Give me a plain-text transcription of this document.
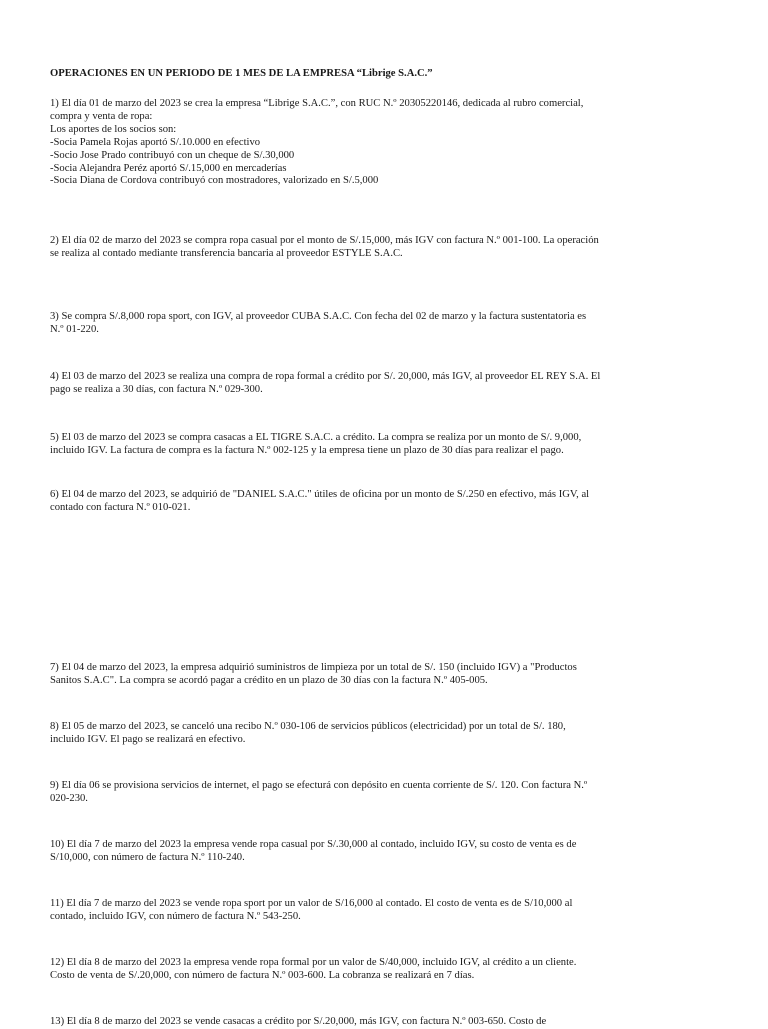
OPERACIONES EN UN PERIODO DE 1 MES DE LA EMPRESA “Librige S.A.C.”

1) El día 01 de marzo del 2023 se crea la empresa “Librige S.A.C.”, con RUC N.º 20305220146, dedicada al rubro comercial, compra y venta de ropa:

Los aportes de los socios son:

-Socia Pamela Rojas aportó S/.10.000 en efectivo

-Socio Jose Prado contribuyó con un cheque de S/.30,000

-Socia Alejandra Peréz aportó S/.15,000 en mercaderías

-Socia Diana de Cordova contribuyó con mostradores, valorizado en S/.5,000

2) El día 02 de marzo del 2023 se compra ropa casual por el monto de S/.15,000, más IGV con factura N.º 001-100. La operación se realiza al contado mediante transferencia bancaria al proveedor ESTYLE S.A.C.

3) Se compra S/.8,000 ropa sport, con IGV, al proveedor CUBA S.A.C. Con fecha del 02 de marzo y la factura sustentatoria es N.º 01-220.

4) El 03 de marzo del 2023 se realiza una compra de ropa formal a crédito por S/. 20,000, más IGV, al proveedor EL REY S.A. El pago se realiza a 30 días, con factura N.º 029-300.

5) El 03 de marzo del 2023 se compra casacas a EL TIGRE S.A.C. a crédito. La compra se realiza por un monto de S/. 9,000, incluido IGV. La factura de compra es la factura N.º 002-125 y la empresa tiene un plazo de 30 días para realizar el pago.

6) El 04 de marzo del 2023, se adquirió de "DANIEL S.A.C." útiles de oficina por un monto de S/.250 en efectivo, más IGV, al contado con factura N.º 010-021.

7) El 04 de marzo del 2023, la empresa adquirió suministros de limpieza por un total de S/. 150 (incluido IGV) a "Productos Sanitos S.A.C". La compra se acordó pagar a crédito en un plazo de 30 días con la factura N.º 405-005.

8) El 05 de marzo del 2023, se canceló una recibo N.º 030-106 de servicios públicos (electricidad) por un total de S/. 180, incluido IGV. El pago se realizará en efectivo.

9) El día 06 se provisiona servicios de internet, el pago se efecturá con depósito en cuenta corriente de S/. 120. Con factura N.º 020-230.

10) El día 7 de marzo del 2023 la empresa vende ropa casual por S/.30,000 al contado, incluido IGV, su costo de venta es de S/10,000, con número de factura N.º 110-240.

11) El día 7 de marzo del 2023 se vende ropa sport por un valor de S/16,000 al contado. El costo de venta es de S/10,000 al contado, incluido IGV, con número de factura N.º 543-250.

12) El día 8 de marzo del 2023 la empresa vende ropa formal por un valor de S/40,000, incluido IGV, al crédito a un cliente. Costo de venta de S/.20,000, con número de factura N.º 003-600. La cobranza se realizará en 7 días.

13) El día 8 de marzo del 2023 se vende casacas a crédito por S/.20,000, más IGV, con factura N.º 003-650. Costo de
